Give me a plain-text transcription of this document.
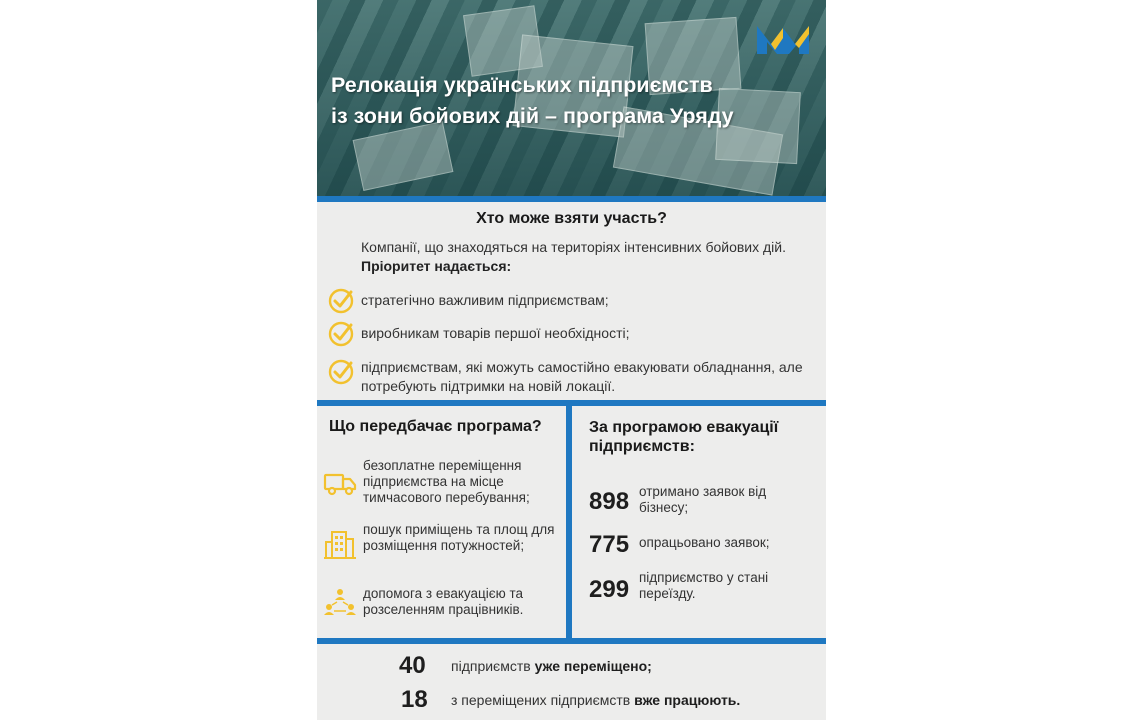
Релокація українських підприємств
із зони бойових дій – програма Уряду
Хто може взяти участь?
Компанії, що знаходяться на територіях інтенсивних бойових дій. Пріоритет надається:
стратегічно важливим підприємствам;
виробникам товарів першої необхідності;
підприємствам, які можуть самостійно евакуювати обладнання, але потребують підтримки на новій локації.
Що передбачає програма?
безоплатне переміщення підприємства на місце тимчасового перебування;
пошук приміщень та площ для розміщення потужностей;
допомога з евакуацією та розселенням працівників.
За програмою евакуації підприємств:
898 отримано заявок від бізнесу;
775 опрацьовано заявок;
299 підприємство у стані переїзду.
40 підприємств уже переміщено;
18 з переміщених підприємств вже працюють.
